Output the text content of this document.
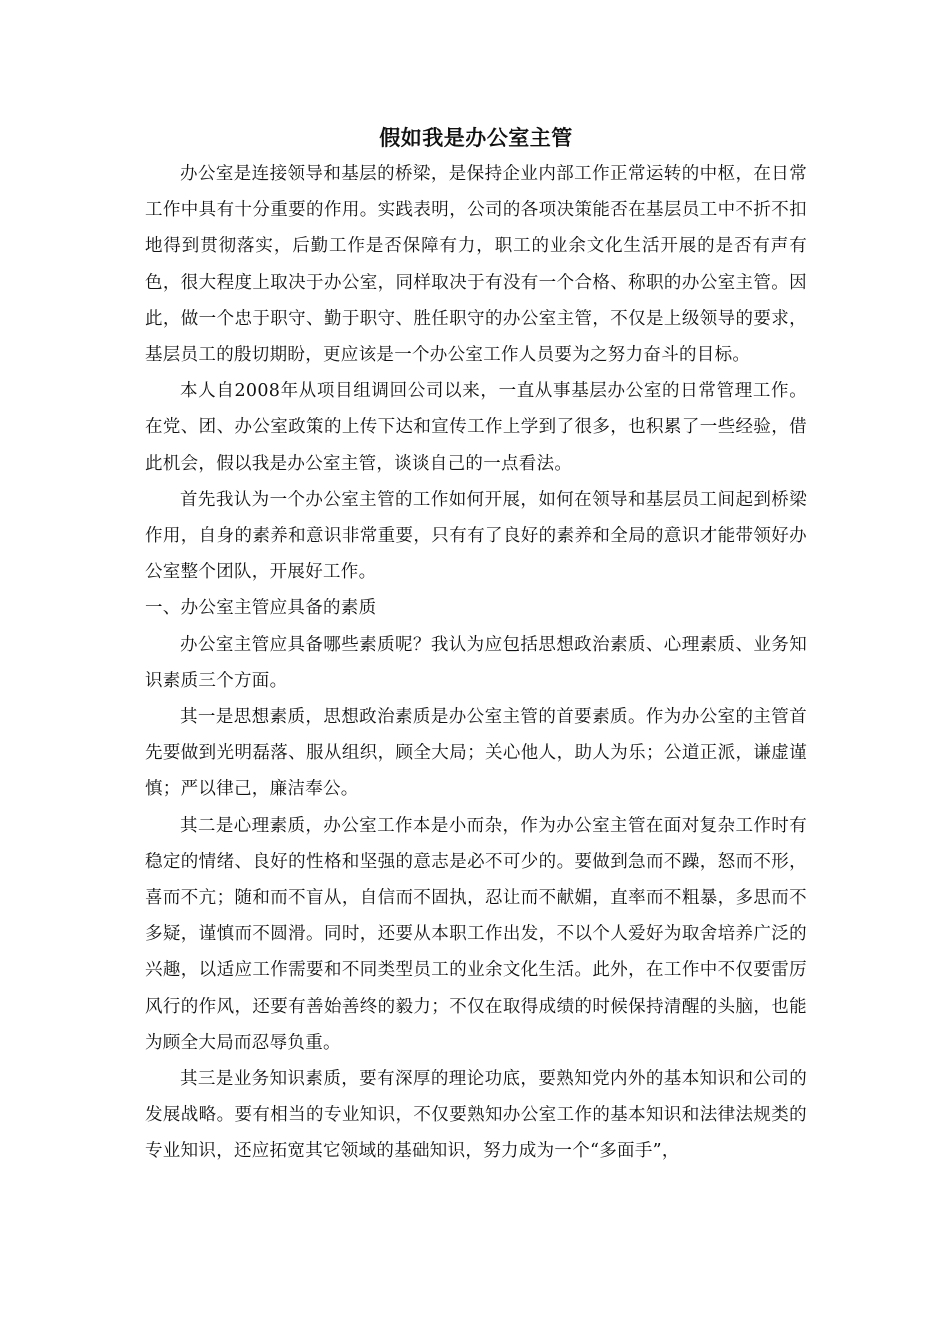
假如我是办公室主管

办公室是连接领导和基层的桥梁，是保持企业内部工作正常运转的中枢，在日常工作中具有十分重要的作用。实践表明，公司的各项决策能否在基层员工中不折不扣地得到贯彻落实，后勤工作是否保障有力，职工的业余文化生活开展的是否有声有色，很大程度上取决于办公室，同样取决于有没有一个合格、称职的办公室主管。因此，做一个忠于职守、勤于职守、胜任职守的办公室主管，不仅是上级领导的要求，基层员工的殷切期盼，更应该是一个办公室工作人员要为之努力奋斗的目标。

本人自2008年从项目组调回公司以来，一直从事基层办公室的日常管理工作。在党、团、办公室政策的上传下达和宣传工作上学到了很多，也积累了一些经验，借此机会，假以我是办公室主管，谈谈自己的一点看法。

首先我认为一个办公室主管的工作如何开展，如何在领导和基层员工间起到桥梁作用，自身的素养和意识非常重要，只有有了良好的素养和全局的意识才能带领好办公室整个团队，开展好工作。

一、办公室主管应具备的素质

办公室主管应具备哪些素质呢？我认为应包括思想政治素质、心理素质、业务知识素质三个方面。

其一是思想素质，思想政治素质是办公室主管的首要素质。作为办公室的主管首先要做到光明磊落、服从组织，顾全大局；关心他人，助人为乐；公道正派，谦虚谨慎；严以律己，廉洁奉公。

其二是心理素质，办公室工作本是小而杂，作为办公室主管在面对复杂工作时有稳定的情绪、良好的性格和坚强的意志是必不可少的。要做到急而不躁，怒而不形，喜而不亢；随和而不盲从，自信而不固执，忍让而不献媚，直率而不粗暴，多思而不多疑，谨慎而不圆滑。同时，还要从本职工作出发，不以个人爱好为取舍培养广泛的兴趣，以适应工作需要和不同类型员工的业余文化生活。此外，在工作中不仅要雷厉风行的作风，还要有善始善终的毅力；不仅在取得成绩的时候保持清醒的头脑，也能为顾全大局而忍辱负重。

其三是业务知识素质，要有深厚的理论功底，要熟知党内外的基本知识和公司的发展战略。要有相当的专业知识，不仅要熟知办公室工作的基本知识和法律法规类的专业知识，还应拓宽其它领域的基础知识，努力成为一个“多面手”，
